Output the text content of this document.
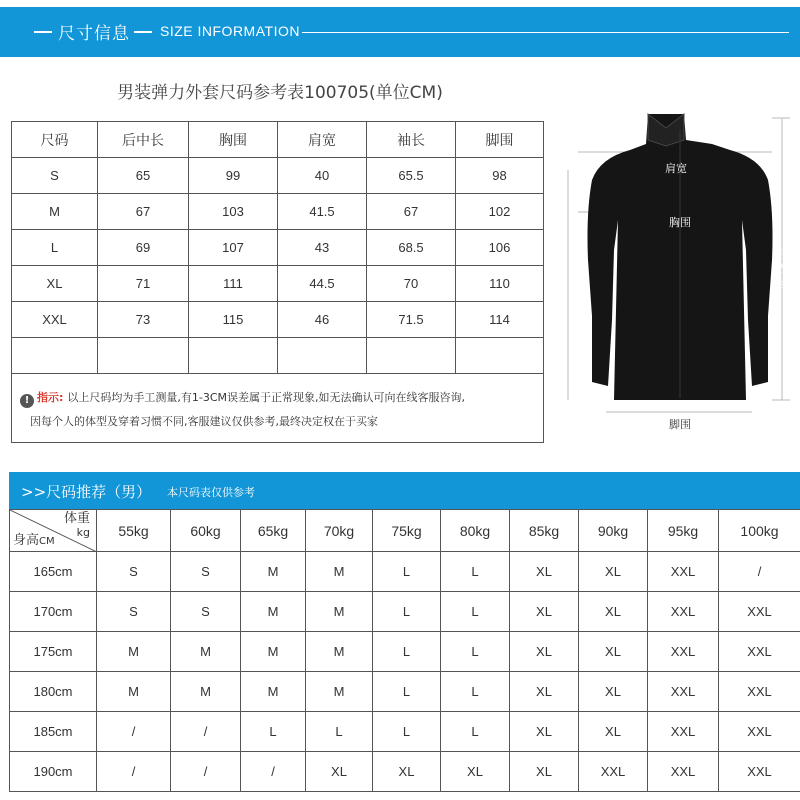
尺寸信息 SIZE INFORMATION
男装弹力外套尺码参考表100705(单位CM)
尺码	后中长	胸围	肩宽	袖长	脚围
S	65	99	40	65.5	98
M	67	103	41.5	67	102
L	69	107	43	68.5	106
XL	71	111	44.5	70	110
XXL	73	115	46	71.5	114

! 指示: 以上尺码均为手工测量,有1-3CM误差属于正常现象,如无法确认可向在线客服咨询,
因每个人的体型及穿着习惯不同,客服建议仅供参考,最终决定权在于买家					
肩宽
胸围
袖
长
后
衣
长
脚围
>>尺码推荐（男） 本尺码表仅供参考
体重
kg
身高CM	55kg	60kg	65kg	70kg	75kg	80kg	85kg	90kg	95kg	100kg
165cm	S	S	M	M	L	L	XL	XL	XXL	/
170cm	S	S	M	M	L	L	XL	XL	XXL	XXL
175cm	M	M	M	M	L	L	XL	XL	XXL	XXL
180cm	M	M	M	M	L	L	XL	XL	XXL	XXL
185cm	/	/	L	L	L	L	XL	XL	XXL	XXL
190cm	/	/	/	XL	XL	XL	XL	XXL	XXL	XXL
